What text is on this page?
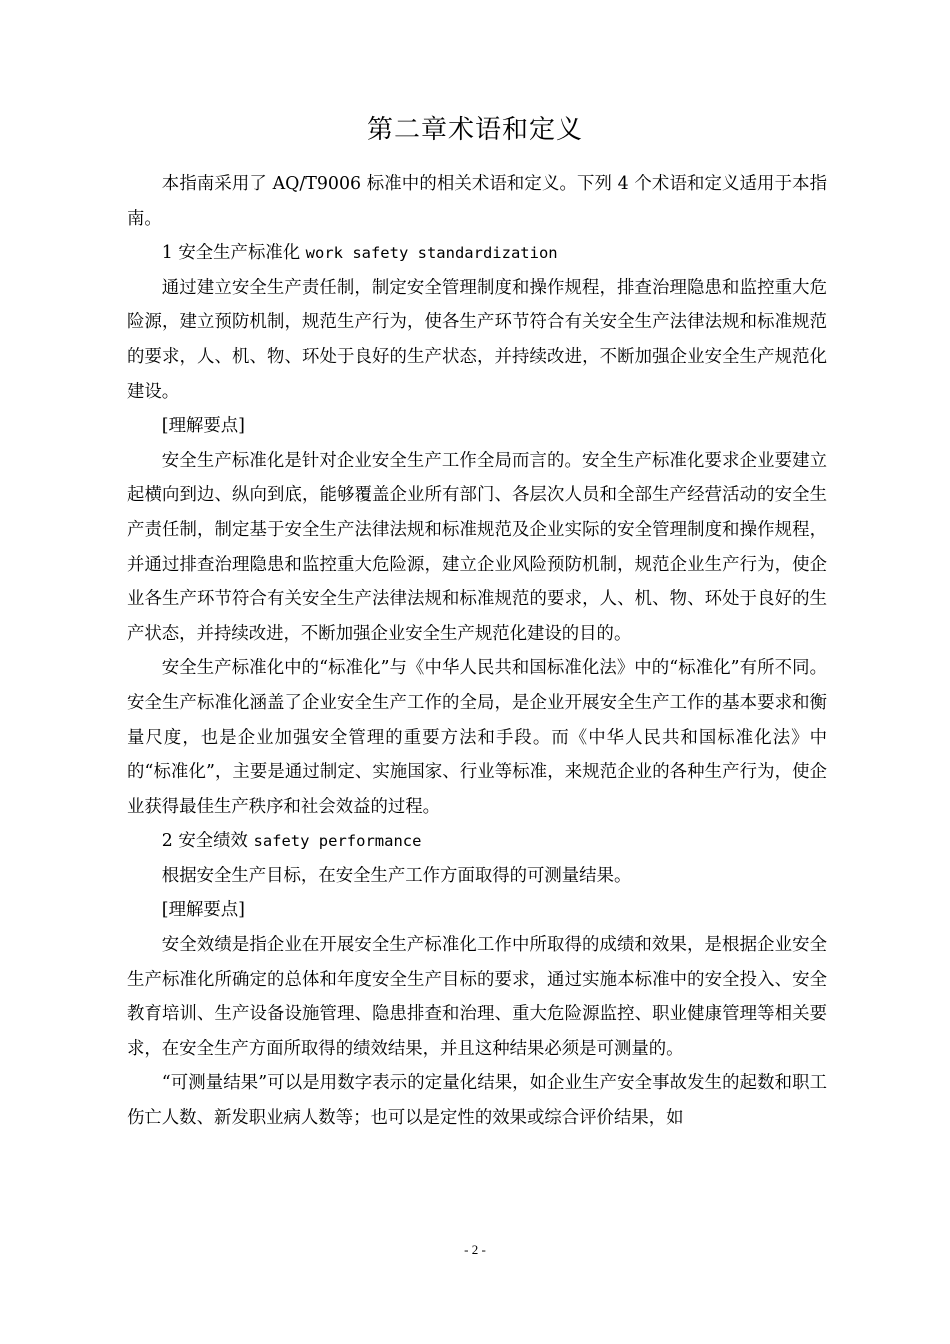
第二章术语和定义

本指南采用了 AQ/T9006 标准中的相关术语和定义。下列 4 个术语和定义适用于本指南。

1 安全生产标准化 work safety standardization

通过建立安全生产责任制，制定安全管理制度和操作规程，排查治理隐患和监控重大危险源，建立预防机制，规范生产行为，使各生产环节符合有关安全生产法律法规和标准规范的要求，人、机、物、环处于良好的生产状态，并持续改进，不断加强企业安全生产规范化建设。

[理解要点]

安全生产标准化是针对企业安全生产工作全局而言的。安全生产标准化要求企业要建立起横向到边、纵向到底，能够覆盖企业所有部门、各层次人员和全部生产经营活动的安全生产责任制，制定基于安全生产法律法规和标准规范及企业实际的安全管理制度和操作规程，并通过排查治理隐患和监控重大危险源，建立企业风险预防机制，规范企业生产行为，使企业各生产环节符合有关安全生产法律法规和标准规范的要求，人、机、物、环处于良好的生产状态，并持续改进，不断加强企业安全生产规范化建设的目的。

安全生产标准化中的“标准化”与《中华人民共和国标准化法》中的“标准化”有所不同。安全生产标准化涵盖了企业安全生产工作的全局，是企业开展安全生产工作的基本要求和衡量尺度，也是企业加强安全管理的重要方法和手段。而《中华人民共和国标准化法》中的“标准化”，主要是通过制定、实施国家、行业等标准，来规范企业的各种生产行为，使企业获得最佳生产秩序和社会效益的过程。

2 安全绩效 safety performance

根据安全生产目标，在安全生产工作方面取得的可测量结果。

[理解要点]

安全效绩是指企业在开展安全生产标准化工作中所取得的成绩和效果，是根据企业安全生产标准化所确定的总体和年度安全生产目标的要求，通过实施本标准中的安全投入、安全教育培训、生产设备设施管理、隐患排查和治理、重大危险源监控、职业健康管理等相关要求，在安全生产方面所取得的绩效结果，并且这种结果必须是可测量的。

“可测量结果”可以是用数字表示的定量化结果，如企业生产安全事故发生的起数和职工伤亡人数、新发职业病人数等；也可以是定性的效果或综合评价结果，如

- 2 -
